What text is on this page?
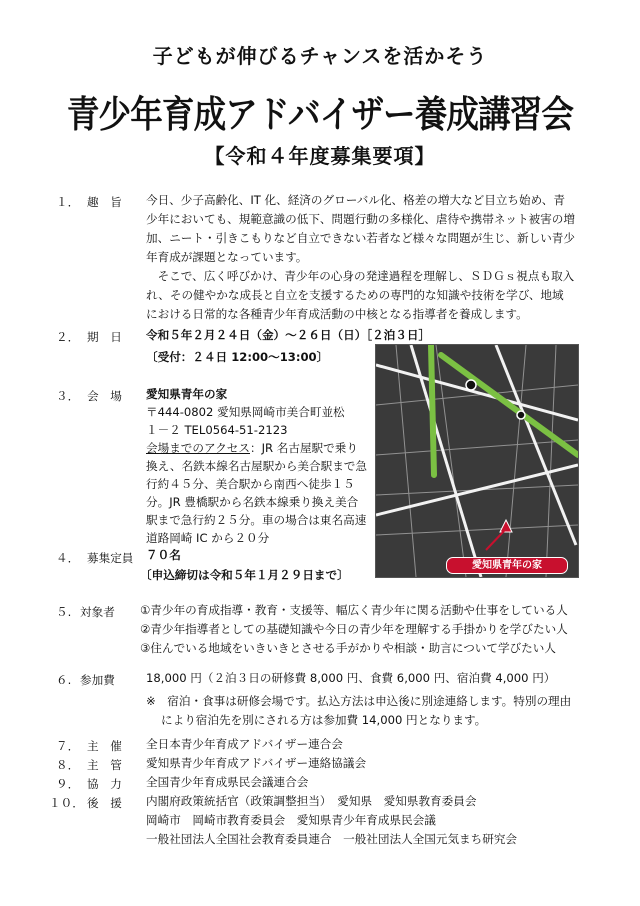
子どもが伸びるチャンスを活かそう
青少年育成アドバイザー養成講習会
【令和４年度募集要項】
１． 趣　旨 今日、少子高齢化、IT 化、経済のグローバル化、格差の増大など目立ち始め、青
少年においても、規範意識の低下、問題行動の多様化、虐待や携帯ネット被害の増
加、ニート・引きこもりなど自立できない若者など様々な問題が生じ、新しい青少
年育成が課題となっています。
　そこで、広く呼びかけ、青少年の心身の発達過程を理解し、ＳＤＧｓ視点も取入
れ、その健やかな成長と自立を支援するための専門的な知識や技術を学び、地域
における日常的な各種青少年育成活動の中核となる指導者を養成します。
２． 期　日 令和５年２月２４日（金）～２６日（日）［２泊３日］
〔受付：２４日 12:00～13:00〕
３． 会　場 愛知県青年の家
〒444-0802 愛知県岡崎市美合町並松
１－２ TEL0564-51-2123
会場までのアクセス：JR 名古屋駅で乗り
換え、名鉄本線名古屋駅から美合駅まで急
行約４５分、美合駅から南西へ徒歩１５
分。JR 豊橋駅から名鉄本線乗り換え美合
駅まで急行約２５分。車の場合は東名高速
道路岡崎 IC から２０分
愛知県青年の家
４． 募集定員 ７０名
〔申込締切は令和５年１月２９日まで〕
５. 対象者 ①青少年の育成指導・教育・支援等、幅広く青少年に関る活動や仕事をしている人
②青少年指導者としての基礎知識や今日の青少年を理解する手掛かりを学びたい人
③住んでいる地域をいきいきとさせる手がかりや相談・助言について学びたい人
６. 参加費	18,000 円（２泊３日の研修費 8,000 円、食費 6,000 円、宿泊費 4,000 円）
※　宿泊・食事は研修会場です。払込方法は申込後に別途連絡します。特別の理由
により宿泊先を別にされる方は参加費 14,000 円となります。
７． 主　催 全日本青少年育成アドバイザー連合会
８． 主　管 愛知県青少年育成アドバイザー連絡協議会
９． 協　力 全国青少年育成県民会議連合会
１０． 後　援 内閣府政策統括官（政策調整担当）　愛知県　愛知県教育委員会
岡崎市　岡崎市教育委員会　愛知県青少年育成県民会議
一般社団法人全国社会教育委員連合　一般社団法人全国元気まち研究会
